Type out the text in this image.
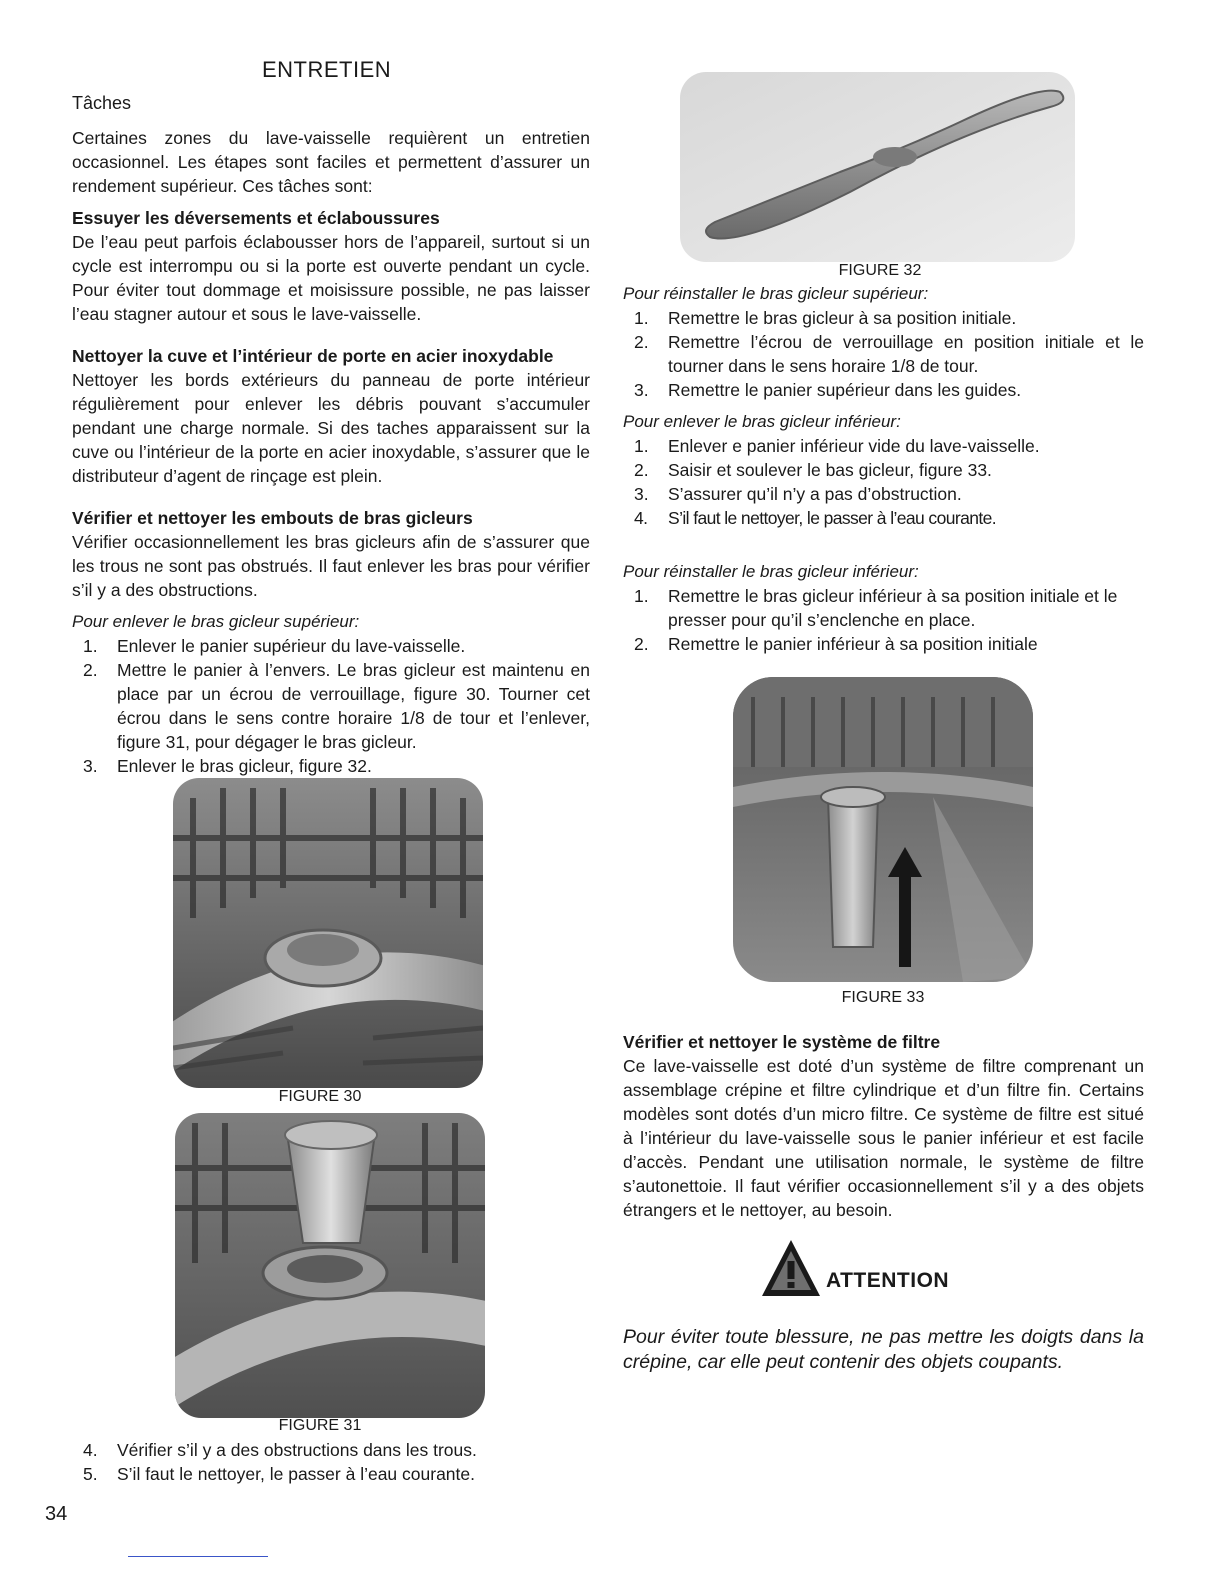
ENTRETIEN
Tâches

Certaines zones du lave-vaisselle requièrent un entretien occasionnel. Les étapes sont faciles et permettent d’assurer un rendement supérieur. Ces tâches sont:

Essuyer les déversements et éclaboussures

De l’eau peut parfois éclabousser hors de l’appareil, surtout si un cycle est interrompu ou si la porte est ouverte pendant un cycle. Pour éviter tout dommage et moisissure possible, ne pas laisser l’eau stagner autour et sous le lave-vaisselle.

Nettoyer la cuve et l’intérieur de porte en acier inoxydable

Nettoyer les bords extérieurs du panneau de porte intérieur régulièrement pour enlever les débris pouvant s’accumuler pendant une charge normale. Si des taches apparaissent sur la cuve ou l’intérieur de la porte en acier inoxydable, s’assurer que le distributeur d’agent de rinçage est plein.

Vérifier et nettoyer les embouts de bras gicleurs

Vérifier occasionnellement les bras gicleurs afin de s’assurer que les trous ne sont pas obstrués. Il faut enlever les bras pour vérifier s’il y a des obstructions.

Pour enlever le bras gicleur supérieur:

1. Enlever le panier supérieur du lave-vaisselle.
2. Mettre le panier à l’envers. Le bras gicleur est maintenu en place par un écrou de verrouillage, figure 30. Tourner cet écrou dans le sens contre horaire 1/8 de tour et l’enlever, figure 31, pour dégager le bras gicleur.
3. Enlever le bras gicleur, figure 32.
FIGURE 30
FIGURE 31
4. Vérifier s’il y a des obstructions dans les trous.
5. S’il faut le nettoyer, le passer à l’eau courante.
FIGURE 32

Pour réinstaller le bras gicleur supérieur:

1. Remettre le bras gicleur à sa position initiale.
2. Remettre l’écrou de verrouillage en position initiale et le tourner dans le sens horaire 1/8 de tour.
3. Remettre le panier supérieur dans les guides.

Pour enlever le bras gicleur inférieur:

1. Enlever e panier inférieur vide du lave-vaisselle.
2. Saisir et soulever le bas gicleur, figure 33.
3. S’assurer qu’il n’y a pas d’obstruction.
4. S’il faut le nettoyer, le passer à l’eau courante.

Pour réinstaller le bras gicleur inférieur:

1. Remettre le bras gicleur inférieur à sa position initiale et le presser pour qu’il s’enclenche en place.
2. Remettre le panier inférieur à sa position initiale
FIGURE 33

Vérifier et nettoyer le système de filtre

Ce lave-vaisselle est doté d’un système de filtre comprenant un assemblage crépine et filtre cylindrique et d’un filtre fin. Certains modèles sont dotés d’un micro filtre. Ce système de filtre est situé à l’intérieur du lave-vaisselle sous le panier inférieur et est facile d’accès. Pendant une utilisation normale, le système de filtre s’autonettoie. Il faut vérifier occasionnellement s’il y a des objets étrangers et le nettoyer, au besoin.

ATTENTION
Pour éviter toute blessure, ne pas mettre les doigts dans la crépine, car elle peut contenir des objets coupants.
34
